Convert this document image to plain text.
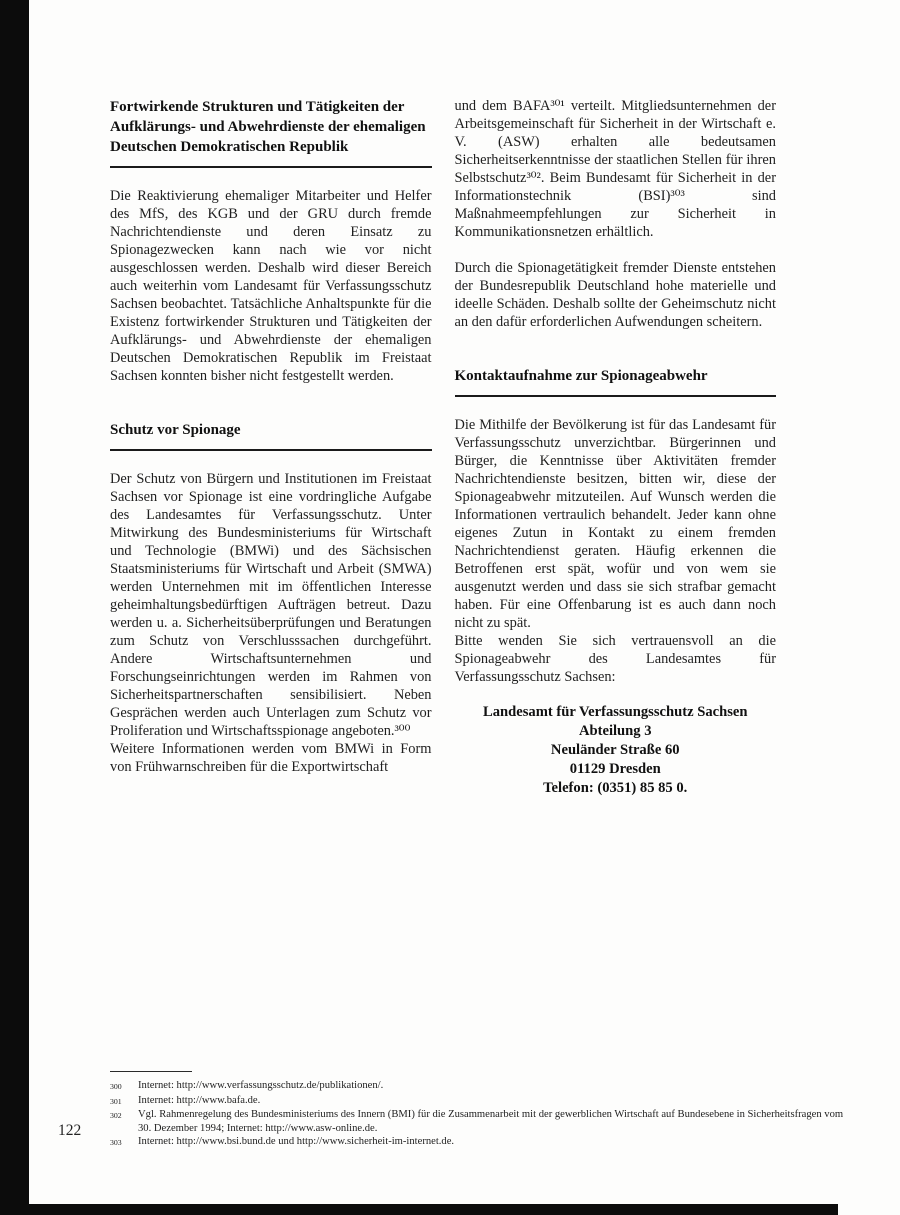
Fortwirkende Strukturen und Tätigkeiten der Aufklärungs- und Abwehrdienste der ehemaligen Deutschen Demokratischen Republik

Die Reaktivierung ehemaliger Mitarbeiter und Helfer des MfS, des KGB und der GRU durch fremde Nachrichtendienste und deren Einsatz zu Spionagezwecken kann nach wie vor nicht ausgeschlossen werden. Deshalb wird dieser Bereich auch weiterhin vom Landesamt für Verfassungsschutz Sachsen beobachtet. Tatsächliche Anhaltspunkte für die Existenz fortwirkender Strukturen und Tätigkeiten der Aufklärungs- und Abwehrdienste der ehemaligen Deutschen Demokratischen Republik im Freistaat Sachsen konnten bisher nicht festgestellt werden.

Schutz vor Spionage

Der Schutz von Bürgern und Institutionen im Freistaat Sachsen vor Spionage ist eine vordringliche Aufgabe des Landesamtes für Verfassungsschutz. Unter Mitwirkung des Bundesministeriums für Wirtschaft und Technologie (BMWi) und des Sächsischen Staatsministeriums für Wirtschaft und Arbeit (SMWA) werden Unternehmen mit im öffentlichen Interesse geheimhaltungsbedürftigen Aufträgen betreut. Dazu werden u. a. Sicherheitsüberprüfungen und Beratungen zum Schutz von Verschlusssachen durchgeführt. Andere Wirtschaftsunternehmen und Forschungseinrichtungen werden im Rahmen von Sicherheitspartnerschaften sensibilisiert. Neben Gesprächen werden auch Unterlagen zum Schutz vor Proliferation und Wirtschaftsspionage angeboten.³⁰⁰

Weitere Informationen werden vom BMWi in Form von Frühwarnschreiben für die Exportwirtschaft

und dem BAFA³⁰¹ verteilt. Mitgliedsunternehmen der Arbeitsgemeinschaft für Sicherheit in der Wirtschaft e. V. (ASW) erhalten alle bedeutsamen Sicherheitserkenntnisse der staatlichen Stellen für ihren Selbstschutz³⁰². Beim Bundesamt für Sicherheit in der Informationstechnik (BSI)³⁰³ sind Maßnahmeempfehlungen zur Sicherheit in Kommunikationsnetzen erhältlich.

Durch die Spionagetätigkeit fremder Dienste entstehen der Bundesrepublik Deutschland hohe materielle und ideelle Schäden. Deshalb sollte der Geheimschutz nicht an den dafür erforderlichen Aufwendungen scheitern.

Kontaktaufnahme zur Spionageabwehr

Die Mithilfe der Bevölkerung ist für das Landesamt für Verfassungsschutz unverzichtbar. Bürgerinnen und Bürger, die Kenntnisse über Aktivitäten fremder Nachrichtendienste besitzen, bitten wir, diese der Spionageabwehr mitzuteilen. Auf Wunsch werden die Informationen vertraulich behandelt. Jeder kann ohne eigenes Zutun in Kontakt zu einem fremden Nachrichtendienst geraten. Häufig erkennen die Betroffenen erst spät, wofür und von wem sie ausgenutzt werden und dass sie sich strafbar gemacht haben. Für eine Offenbarung ist es auch dann noch nicht zu spät.

Bitte wenden Sie sich vertrauensvoll an die Spionageabwehr des Landesamtes für Verfassungsschutz Sachsen:

Landesamt für Verfassungsschutz Sachsen
Abteilung 3
Neuländer Straße 60
01129 Dresden
Telefon: (0351) 85 85 0.
300	Internet: http://www.verfassungsschutz.de/publikationen/.
301	Internet: http://www.bafa.de.
302	Vgl. Rahmenregelung des Bundesministeriums des Innern (BMI) für die Zusammenarbeit mit der gewerblichen Wirtschaft auf Bundesebene in Sicherheitsfragen vom 30. Dezember 1994; Internet: http://www.asw-online.de.
303	Internet: http://www.bsi.bund.de und http://www.sicherheit-im-internet.de.
122
